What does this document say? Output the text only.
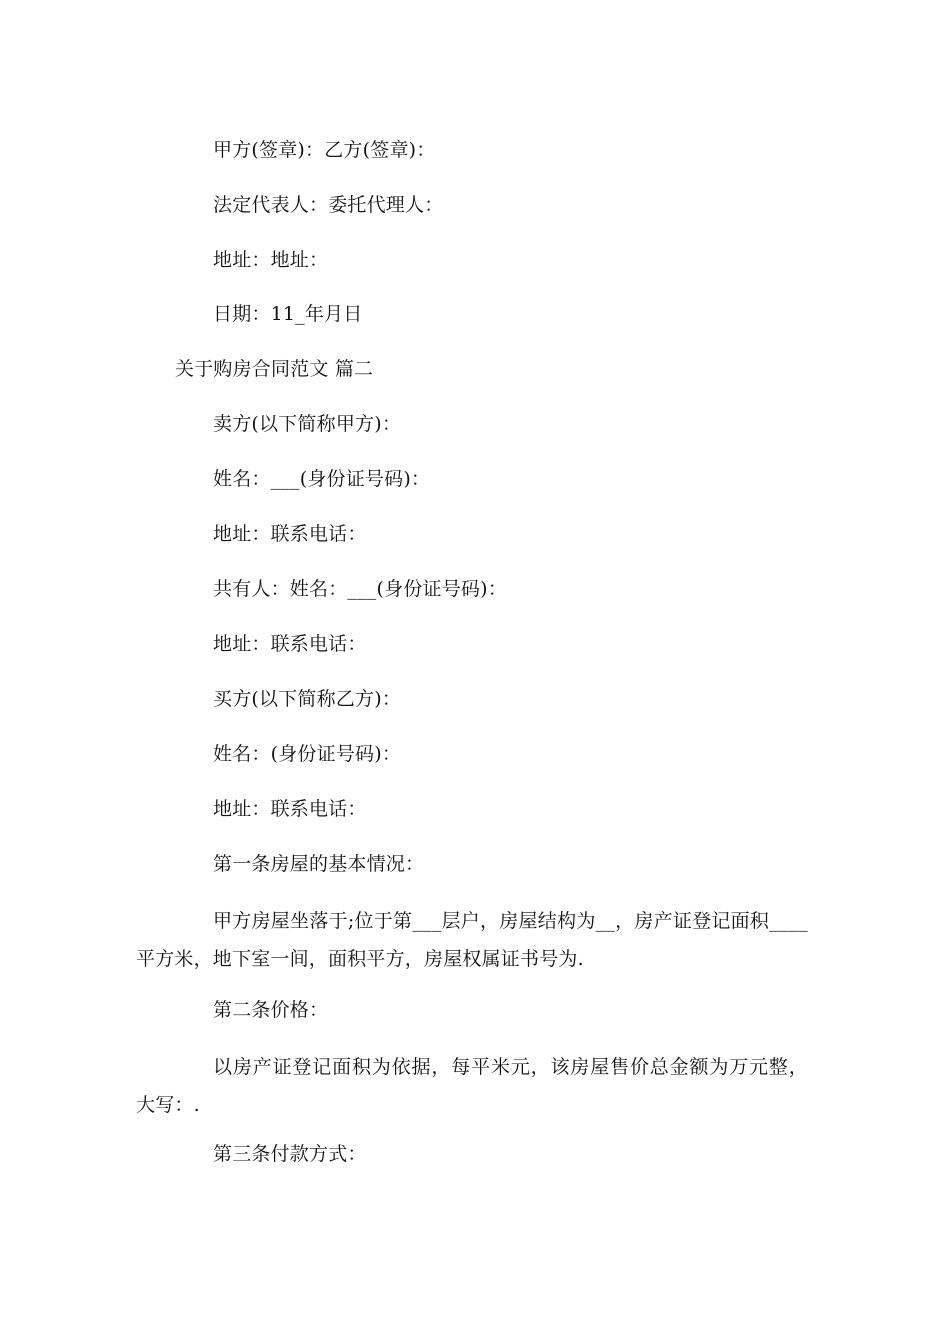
甲方(签章)：乙方(签章)：
法定代表人：委托代理人：
地址：地址：
日期：11_年月日
关于购房合同范文 篇二
卖方(以下简称甲方)：
姓名：___(身份证号码)：
地址：联系电话：
共有人：姓名：___(身份证号码)：
地址：联系电话：
买方(以下简称乙方)：
姓名：(身份证号码)：
地址：联系电话：
第一条房屋的基本情况：
甲方房屋坐落于;位于第___层户，房屋结构为__，房产证登记面积____平方米，地下室一间，面积平方，房屋权属证书号为.
第二条价格：
以房产证登记面积为依据，每平米元，该房屋售价总金额为万元整，大写：.
第三条付款方式：
